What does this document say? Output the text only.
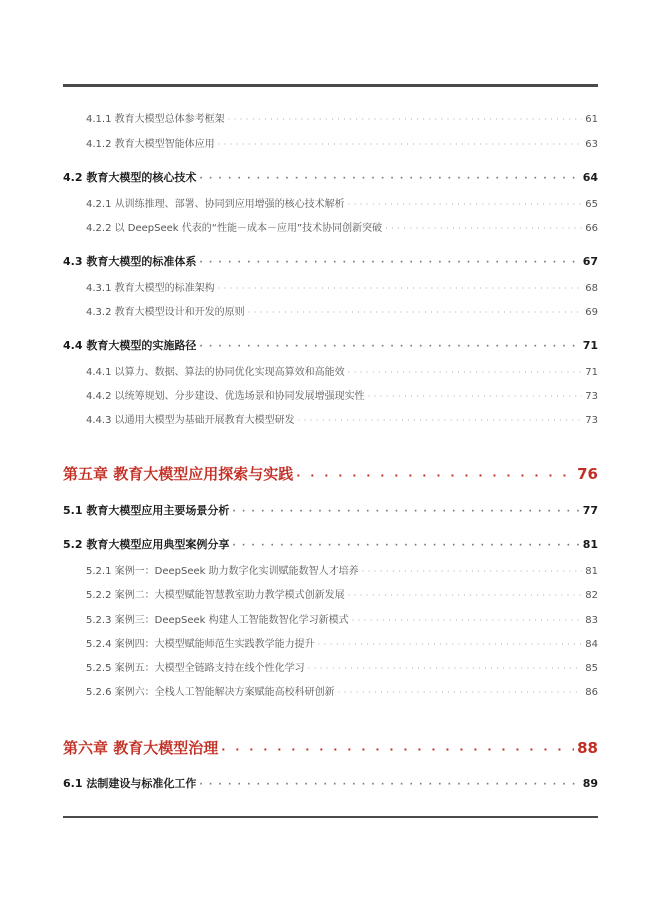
4.1.1 教育大模型总体参考框架 · · ·	61
4.1.2 教育大模型智能体应用 · · ·	63
4.2 教育大模型的核心技术 · · ·	64
4.2.1 从训练推理、部署、协同到应用增强的核心技术解析 · · ·	65
4.2.2 以 DeepSeek 代表的“性能－成本－应用”技术协同创新突破 · · ·	66
4.3 教育大模型的标准体系 · · ·	67
4.3.1 教育大模型的标准架构 · · ·	68
4.3.2 教育大模型设计和开发的原则 · · ·	69
4.4 教育大模型的实施路径 · · ·	71
4.4.1 以算力、数据、算法的协同优化实现高算效和高能效 · · ·	71
4.4.2 以统筹规划、分步建设、优选场景和协同发展增强现实性 · · ·	73
4.4.3 以通用大模型为基础开展教育大模型研发 · · ·	73
第五章 教育大模型应用探索与实践 · · ·	76
5.1 教育大模型应用主要场景分析 · · ·	77
5.2 教育大模型应用典型案例分享 · · ·	81
5.2.1 案例一：DeepSeek 助力数字化实训赋能数智人才培养 · · ·	81
5.2.2 案例二：大模型赋能智慧教室助力教学模式创新发展 · · ·	82
5.2.3 案例三：DeepSeek 构建人工智能数智化学习新模式 · · ·	83
5.2.4 案例四：大模型赋能师范生实践教学能力提升 · · ·	84
5.2.5 案例五：大模型全链路支持在线个性化学习 · · ·	85
5.2.6 案例六：全栈人工智能解决方案赋能高校科研创新 · · ·	86
第六章 教育大模型治理 · · ·	88
6.1 法制建设与标准化工作 · · ·	89
